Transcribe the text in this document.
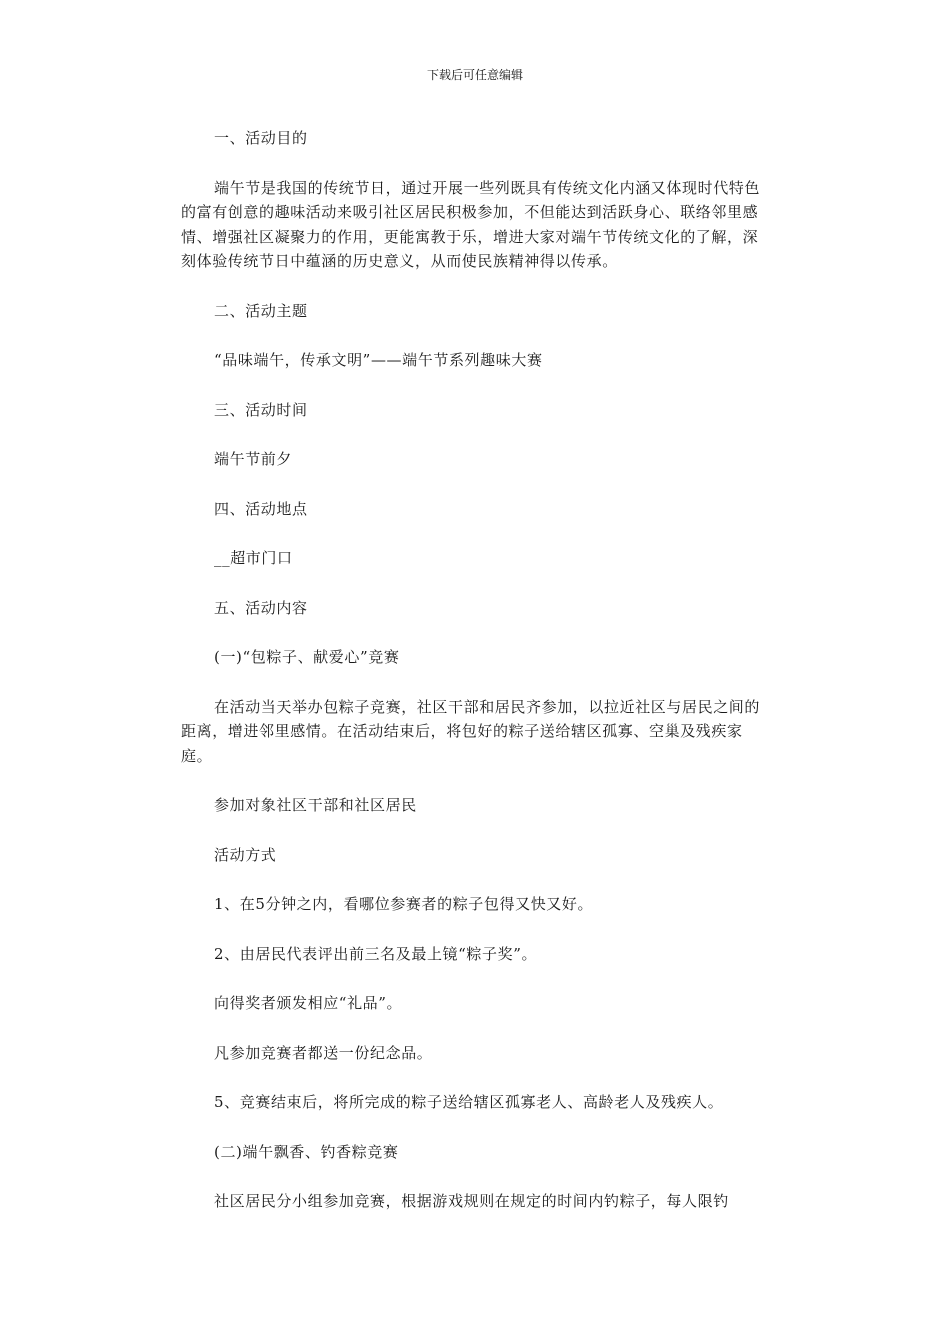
下载后可任意编辑

一、活动目的

端午节是我国的传统节日，通过开展一些列既具有传统文化内涵又体现时代特色的富有创意的趣味活动来吸引社区居民积极参加，不但能达到活跃身心、联络邻里感情、增强社区凝聚力的作用，更能寓教于乐，增进大家对端午节传统文化的了解，深刻体验传统节日中蕴涵的历史意义，从而使民族精神得以传承。

二、活动主题

“品味端午，传承文明”——端午节系列趣味大赛

三、活动时间

端午节前夕

四、活动地点

__超市门口

五、活动内容

(一)“包粽子、献爱心”竞赛

在活动当天举办包粽子竞赛，社区干部和居民齐参加，以拉近社区与居民之间的距离，增进邻里感情。在活动结束后，将包好的粽子送给辖区孤寡、空巢及残疾家庭。

参加对象社区干部和社区居民

活动方式

1、在5分钟之内，看哪位参赛者的粽子包得又快又好。

2、由居民代表评出前三名及最上镜“粽子奖”。

向得奖者颁发相应“礼品”。

凡参加竞赛者都送一份纪念品。

5、竞赛结束后，将所完成的粽子送给辖区孤寡老人、高龄老人及残疾人。

(二)端午飘香、钓香粽竞赛

社区居民分小组参加竞赛，根据游戏规则在规定的时间内钓粽子，每人限钓
